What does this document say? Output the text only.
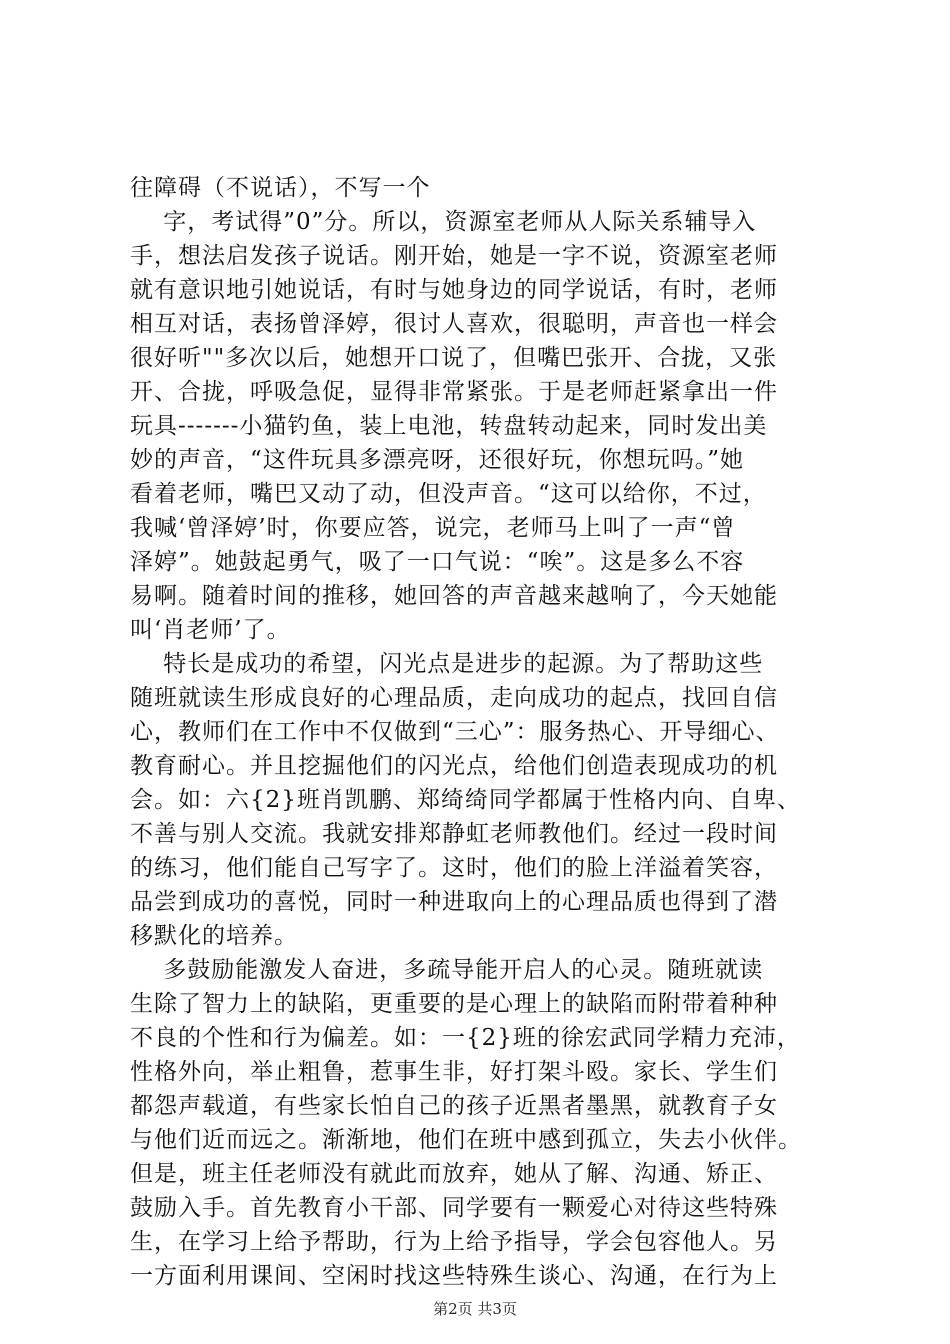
往障碍（不说话），不写一个
字，考试得”0”分。所以，资源室老师从人际关系辅导入
手，想法启发孩子说话。刚开始，她是一字不说，资源室老师
就有意识地引她说话，有时与她身边的同学说话，有时，老师
相互对话，表扬曾泽婷，很讨人喜欢，很聪明，声音也一样会
很好听""多次以后，她想开口说了，但嘴巴张开、合拢，又张
开、合拢，呼吸急促，显得非常紧张。于是老师赶紧拿出一件
玩具-------小猫钓鱼，装上电池，转盘转动起来，同时发出美
妙的声音，“这件玩具多漂亮呀，还很好玩，你想玩吗。”她
看着老师，嘴巴又动了动，但没声音。“这可以给你，不过，
我喊‘曾泽婷’时，你要应答，说完，老师马上叫了一声“曾
泽婷”。她鼓起勇气，吸了一口气说：“唉”。这是多么不容
易啊。随着时间的推移，她回答的声音越来越响了，今天她能
叫‘肖老师’了。
特长是成功的希望，闪光点是进步的起源。为了帮助这些
随班就读生形成良好的心理品质，走向成功的起点，找回自信
心，教师们在工作中不仅做到“三心”：服务热心、开导细心、
教育耐心。并且挖掘他们的闪光点，给他们创造表现成功的机
会。如：六{2}班肖凯鹏、郑绮绮同学都属于性格内向、自卑、
不善与别人交流。我就安排郑静虹老师教他们。经过一段时间
的练习，他们能自己写字了。这时，他们的脸上洋溢着笑容，
品尝到成功的喜悦，同时一种进取向上的心理品质也得到了潜
移默化的培养。
多鼓励能激发人奋进，多疏导能开启人的心灵。随班就读
生除了智力上的缺陷，更重要的是心理上的缺陷而附带着种种
不良的个性和行为偏差。如：一{2}班的徐宏武同学精力充沛，
性格外向，举止粗鲁，惹事生非，好打架斗殴。家长、学生们
都怨声载道，有些家长怕自己的孩子近黑者墨黑，就教育子女
与他们近而远之。渐渐地，他们在班中感到孤立，失去小伙伴。
但是，班主任老师没有就此而放弃，她从了解、沟通、矫正、
鼓励入手。首先教育小干部、同学要有一颗爱心对待这些特殊
生，在学习上给予帮助，行为上给予指导，学会包容他人。另
一方面利用课间、空闲时找这些特殊生谈心、沟通，在行为上
第2页 共3页
